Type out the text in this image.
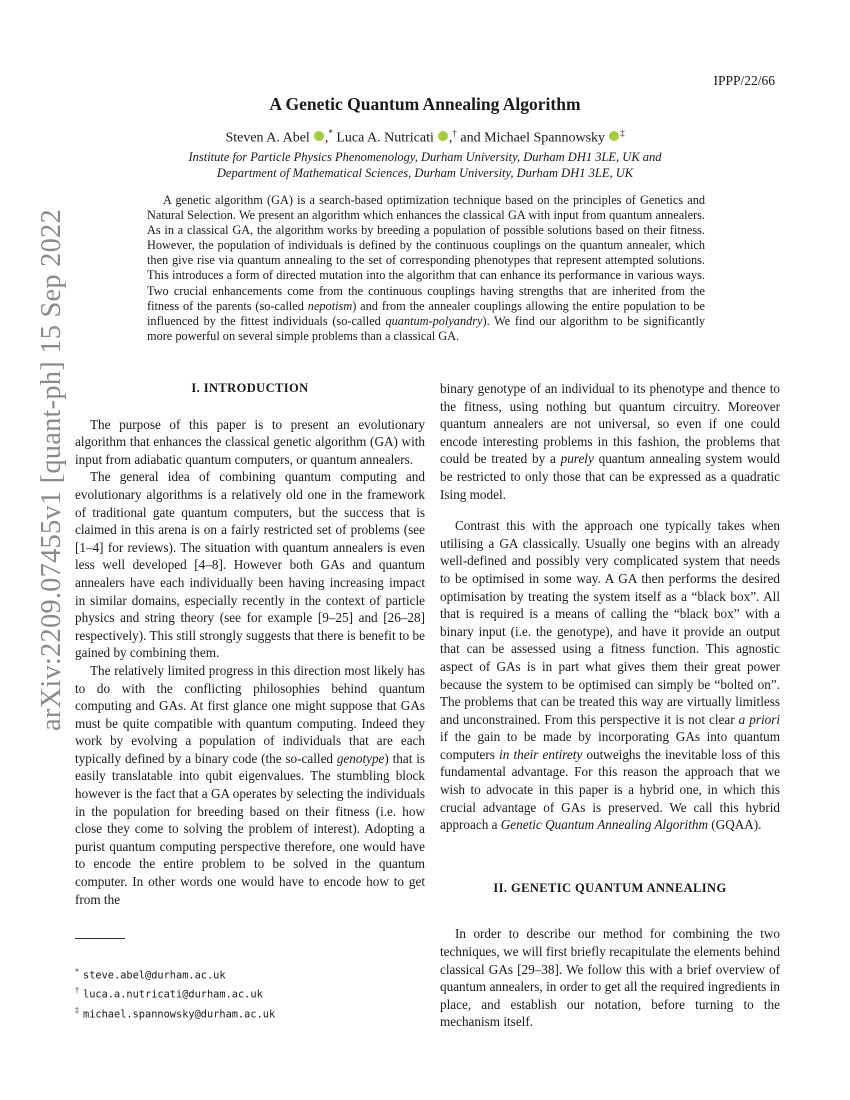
IPPP/22/66
arXiv:2209.07455v1 [quant-ph] 15 Sep 2022
A Genetic Quantum Annealing Algorithm
Steven A. Abel ,* Luca A. Nutricati ,† and Michael Spannowsky ‡
Institute for Particle Physics Phenomenology, Durham University, Durham DH1 3LE, UK and
Department of Mathematical Sciences, Durham University, Durham DH1 3LE, UK
A genetic algorithm (GA) is a search-based optimization technique based on the principles of Genetics and Natural Selection. We present an algorithm which enhances the classical GA with input from quantum annealers. As in a classical GA, the algorithm works by breeding a population of possible solutions based on their fitness. However, the population of individuals is defined by the continuous couplings on the quantum annealer, which then give rise via quantum annealing to the set of corresponding phenotypes that represent attempted solutions. This introduces a form of directed mutation into the algorithm that can enhance its performance in various ways. Two crucial enhancements come from the continuous couplings having strengths that are inherited from the fitness of the parents (so-called nepotism) and from the annealer couplings allowing the entire population to be influenced by the fittest individuals (so-called quantum-polyandry). We find our algorithm to be significantly more powerful on several simple problems than a classical GA.

I. INTRODUCTION

The purpose of this paper is to present an evolutionary algorithm that enhances the classical genetic algorithm (GA) with input from adiabatic quantum computers, or quantum annealers.

The general idea of combining quantum computing and evolutionary algorithms is a relatively old one in the framework of traditional gate quantum computers, but the success that is claimed in this arena is on a fairly restricted set of problems (see [1–4] for reviews). The situation with quantum annealers is even less well developed [4–8]. However both GAs and quantum annealers have each individually been having increasing impact in similar domains, especially recently in the context of particle physics and string theory (see for example [9–25] and [26–28] respectively). This still strongly suggests that there is benefit to be gained by combining them.

The relatively limited progress in this direction most likely has to do with the conflicting philosophies behind quantum computing and GAs. At first glance one might suppose that GAs must be quite compatible with quantum computing. Indeed they work by evolving a population of individuals that are each typically defined by a binary code (the so-called genotype) that is easily translatable into qubit eigenvalues. The stumbling block however is the fact that a GA operates by selecting the individuals in the population for breeding based on their fitness (i.e. how close they come to solving the problem of interest). Adopting a purist quantum computing perspective therefore, one would have to encode the entire problem to be solved in the quantum computer. In other words one would have to encode how to get from the

binary genotype of an individual to its phenotype and thence to the fitness, using nothing but quantum circuitry. Moreover quantum annealers are not universal, so even if one could encode interesting problems in this fashion, the problems that could be treated by a purely quantum annealing system would be restricted to only those that can be expressed as a quadratic Ising model.

Contrast this with the approach one typically takes when utilising a GA classically. Usually one begins with an already well-defined and possibly very complicated system that needs to be optimised in some way. A GA then performs the desired optimisation by treating the system itself as a “black box”. All that is required is a means of calling the “black box” with a binary input (i.e. the genotype), and have it provide an output that can be assessed using a fitness function. This agnostic aspect of GAs is in part what gives them their great power because the system to be optimised can simply be “bolted on”. The problems that can be treated this way are virtually limitless and unconstrained. From this perspective it is not clear a priori if the gain to be made by incorporating GAs into quantum computers in their entirety outweighs the inevitable loss of this fundamental advantage. For this reason the approach that we wish to advocate in this paper is a hybrid one, in which this crucial advantage of GAs is preserved. We call this hybrid approach a Genetic Quantum Annealing Algorithm (GQAA).

II. GENETIC QUANTUM ANNEALING

In order to describe our method for combining the two techniques, we will first briefly recapitulate the elements behind classical GAs [29–38]. We follow this with a brief overview of quantum annealers, in order to get all the required ingredients in place, and establish our notation, before turning to the mechanism itself.

* steve.abel@durham.ac.uk
† luca.a.nutricati@durham.ac.uk
‡ michael.spannowsky@durham.ac.uk
